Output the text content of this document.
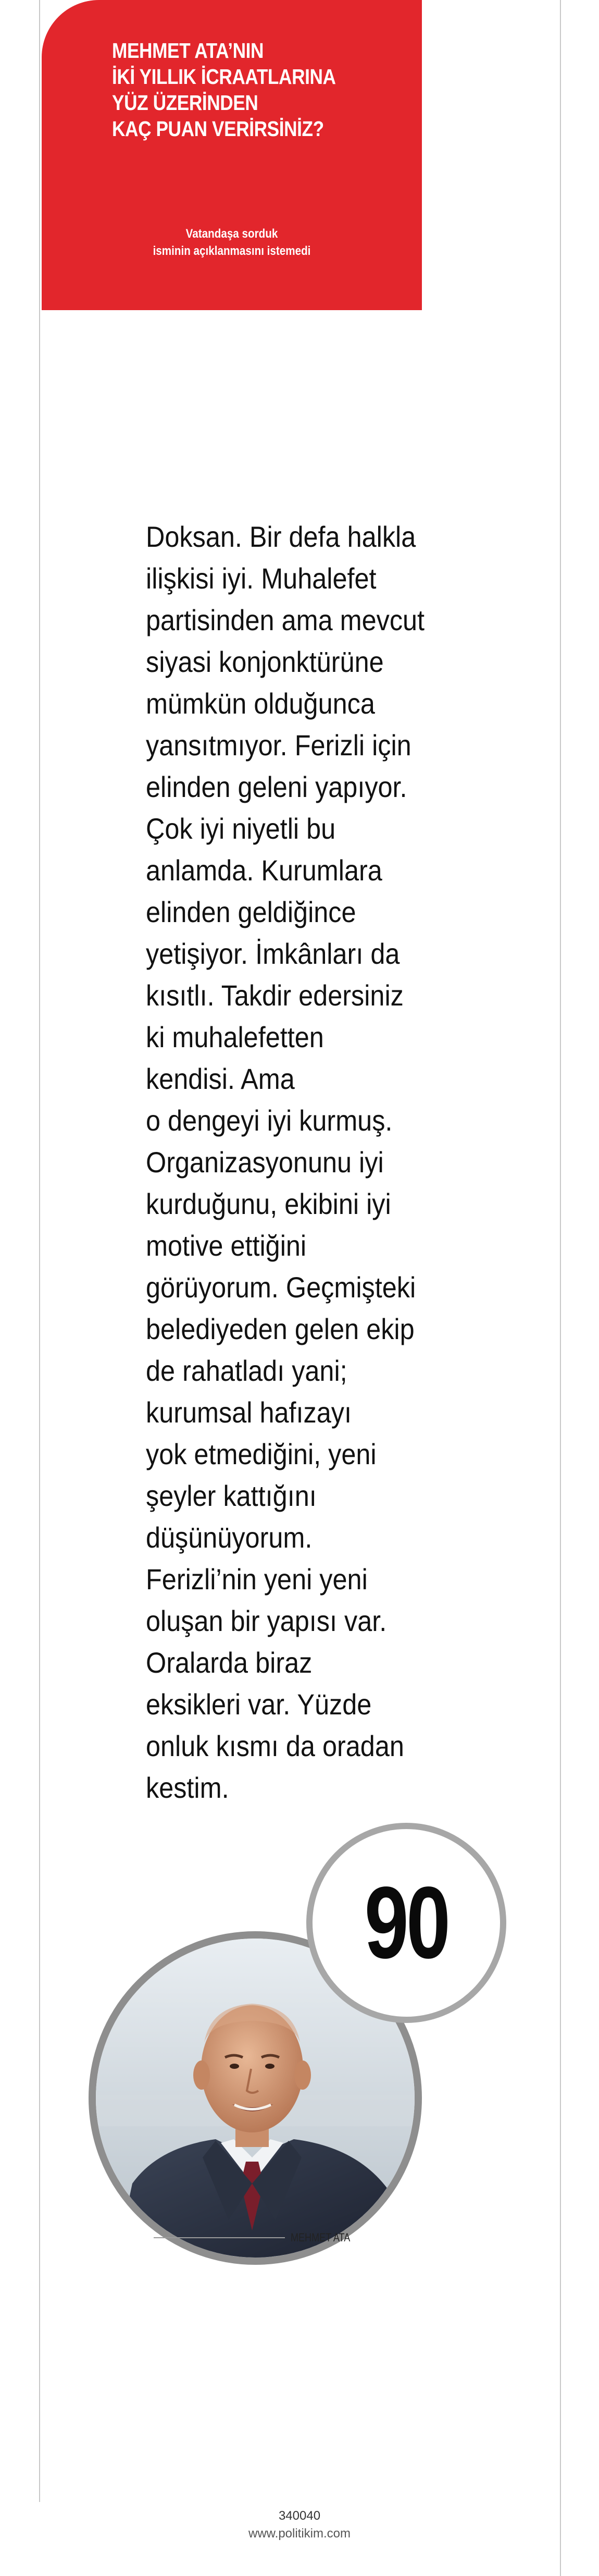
MEHMET ATA’NIN
İKİ YILLIK İCRAATLARINA
YÜZ ÜZERİNDEN
KAÇ PUAN VERİRSİNİZ?
Vatandaşa sorduk
isminin açıklanmasını istemedi
Doksan. Bir defa halkla
ilişkisi iyi. Muhalefet
partisinden ama mevcut
siyasi konjonktürüne
mümkün olduğunca
yansıtmıyor. Ferizli için
elinden geleni yapıyor.
Çok iyi niyetli bu
anlamda. Kurumlara
elinden geldiğince
yetişiyor. İmkânları da
kısıtlı. Takdir edersiniz
ki muhalefetten
kendisi. Ama
o dengeyi iyi kurmuş.
Organizasyonunu iyi
kurduğunu, ekibini iyi
motive ettiğini
görüyorum. Geçmişteki
belediyeden gelen ekip
de rahatladı yani;
kurumsal hafızayı
yok etmediğini, yeni
şeyler kattığını
düşünüyorum.
Ferizli’nin yeni yeni
oluşan bir yapısı var.
Oralarda biraz
eksikleri var. Yüzde
onluk kısmı da oradan
kestim.
90
MEHMET ATA
340040
www.politikim.com
